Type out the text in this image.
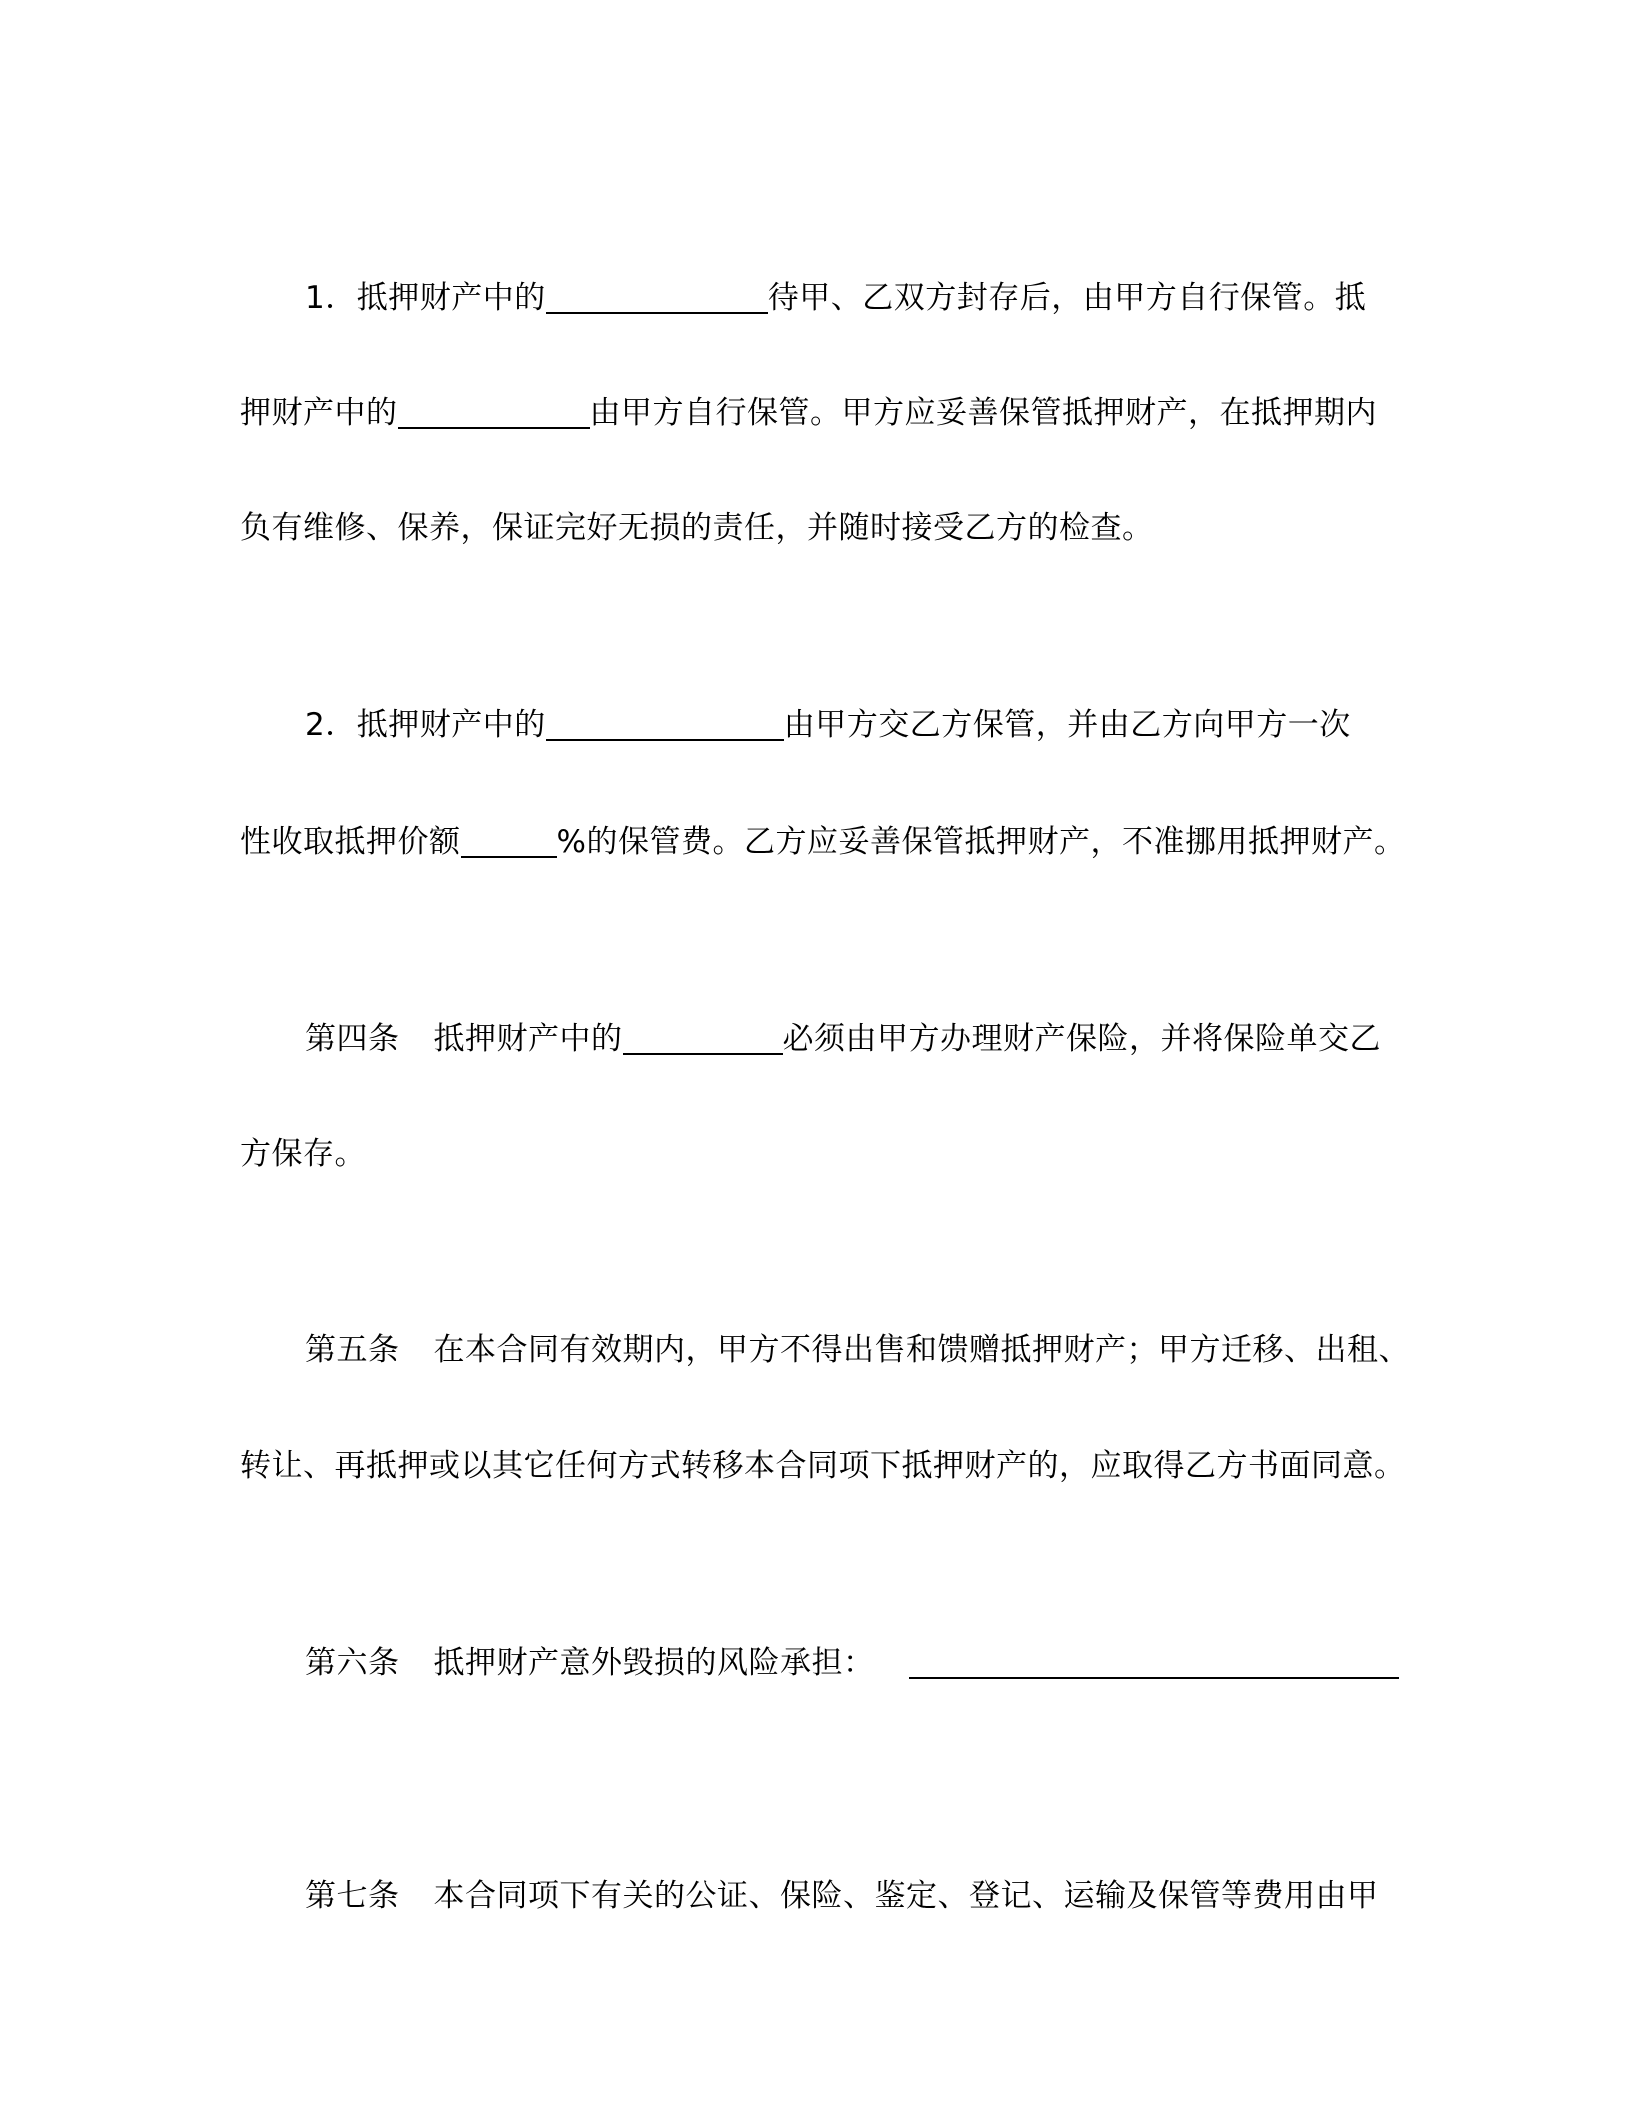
1．抵押财产中的	待甲、乙双方封存后，由甲方自行保管。抵
押财产中的	由甲方自行保管。甲方应妥善保管抵押财产，在抵押期内
负有维修、保养，保证完好无损的责任，并随时接受乙方的检查。
2．抵押财产中的	由甲方交乙方保管，并由乙方向甲方一次
性收取抵押价额	%的保管费。乙方应妥善保管抵押财产，不准挪用抵押财产。
第四条 抵押财产中的	必须由甲方办理财产保险，并将保险单交乙
方保存。
第五条 在本合同有效期内，甲方不得出售和馈赠抵押财产；甲方迁移、出租、
转让、再抵押或以其它任何方式转移本合同项下抵押财产的，应取得乙方书面同意。
第六条 抵押财产意外毁损的风险承担：
第七条 本合同项下有关的公证、保险、鉴定、登记、运输及保管等费用由甲
